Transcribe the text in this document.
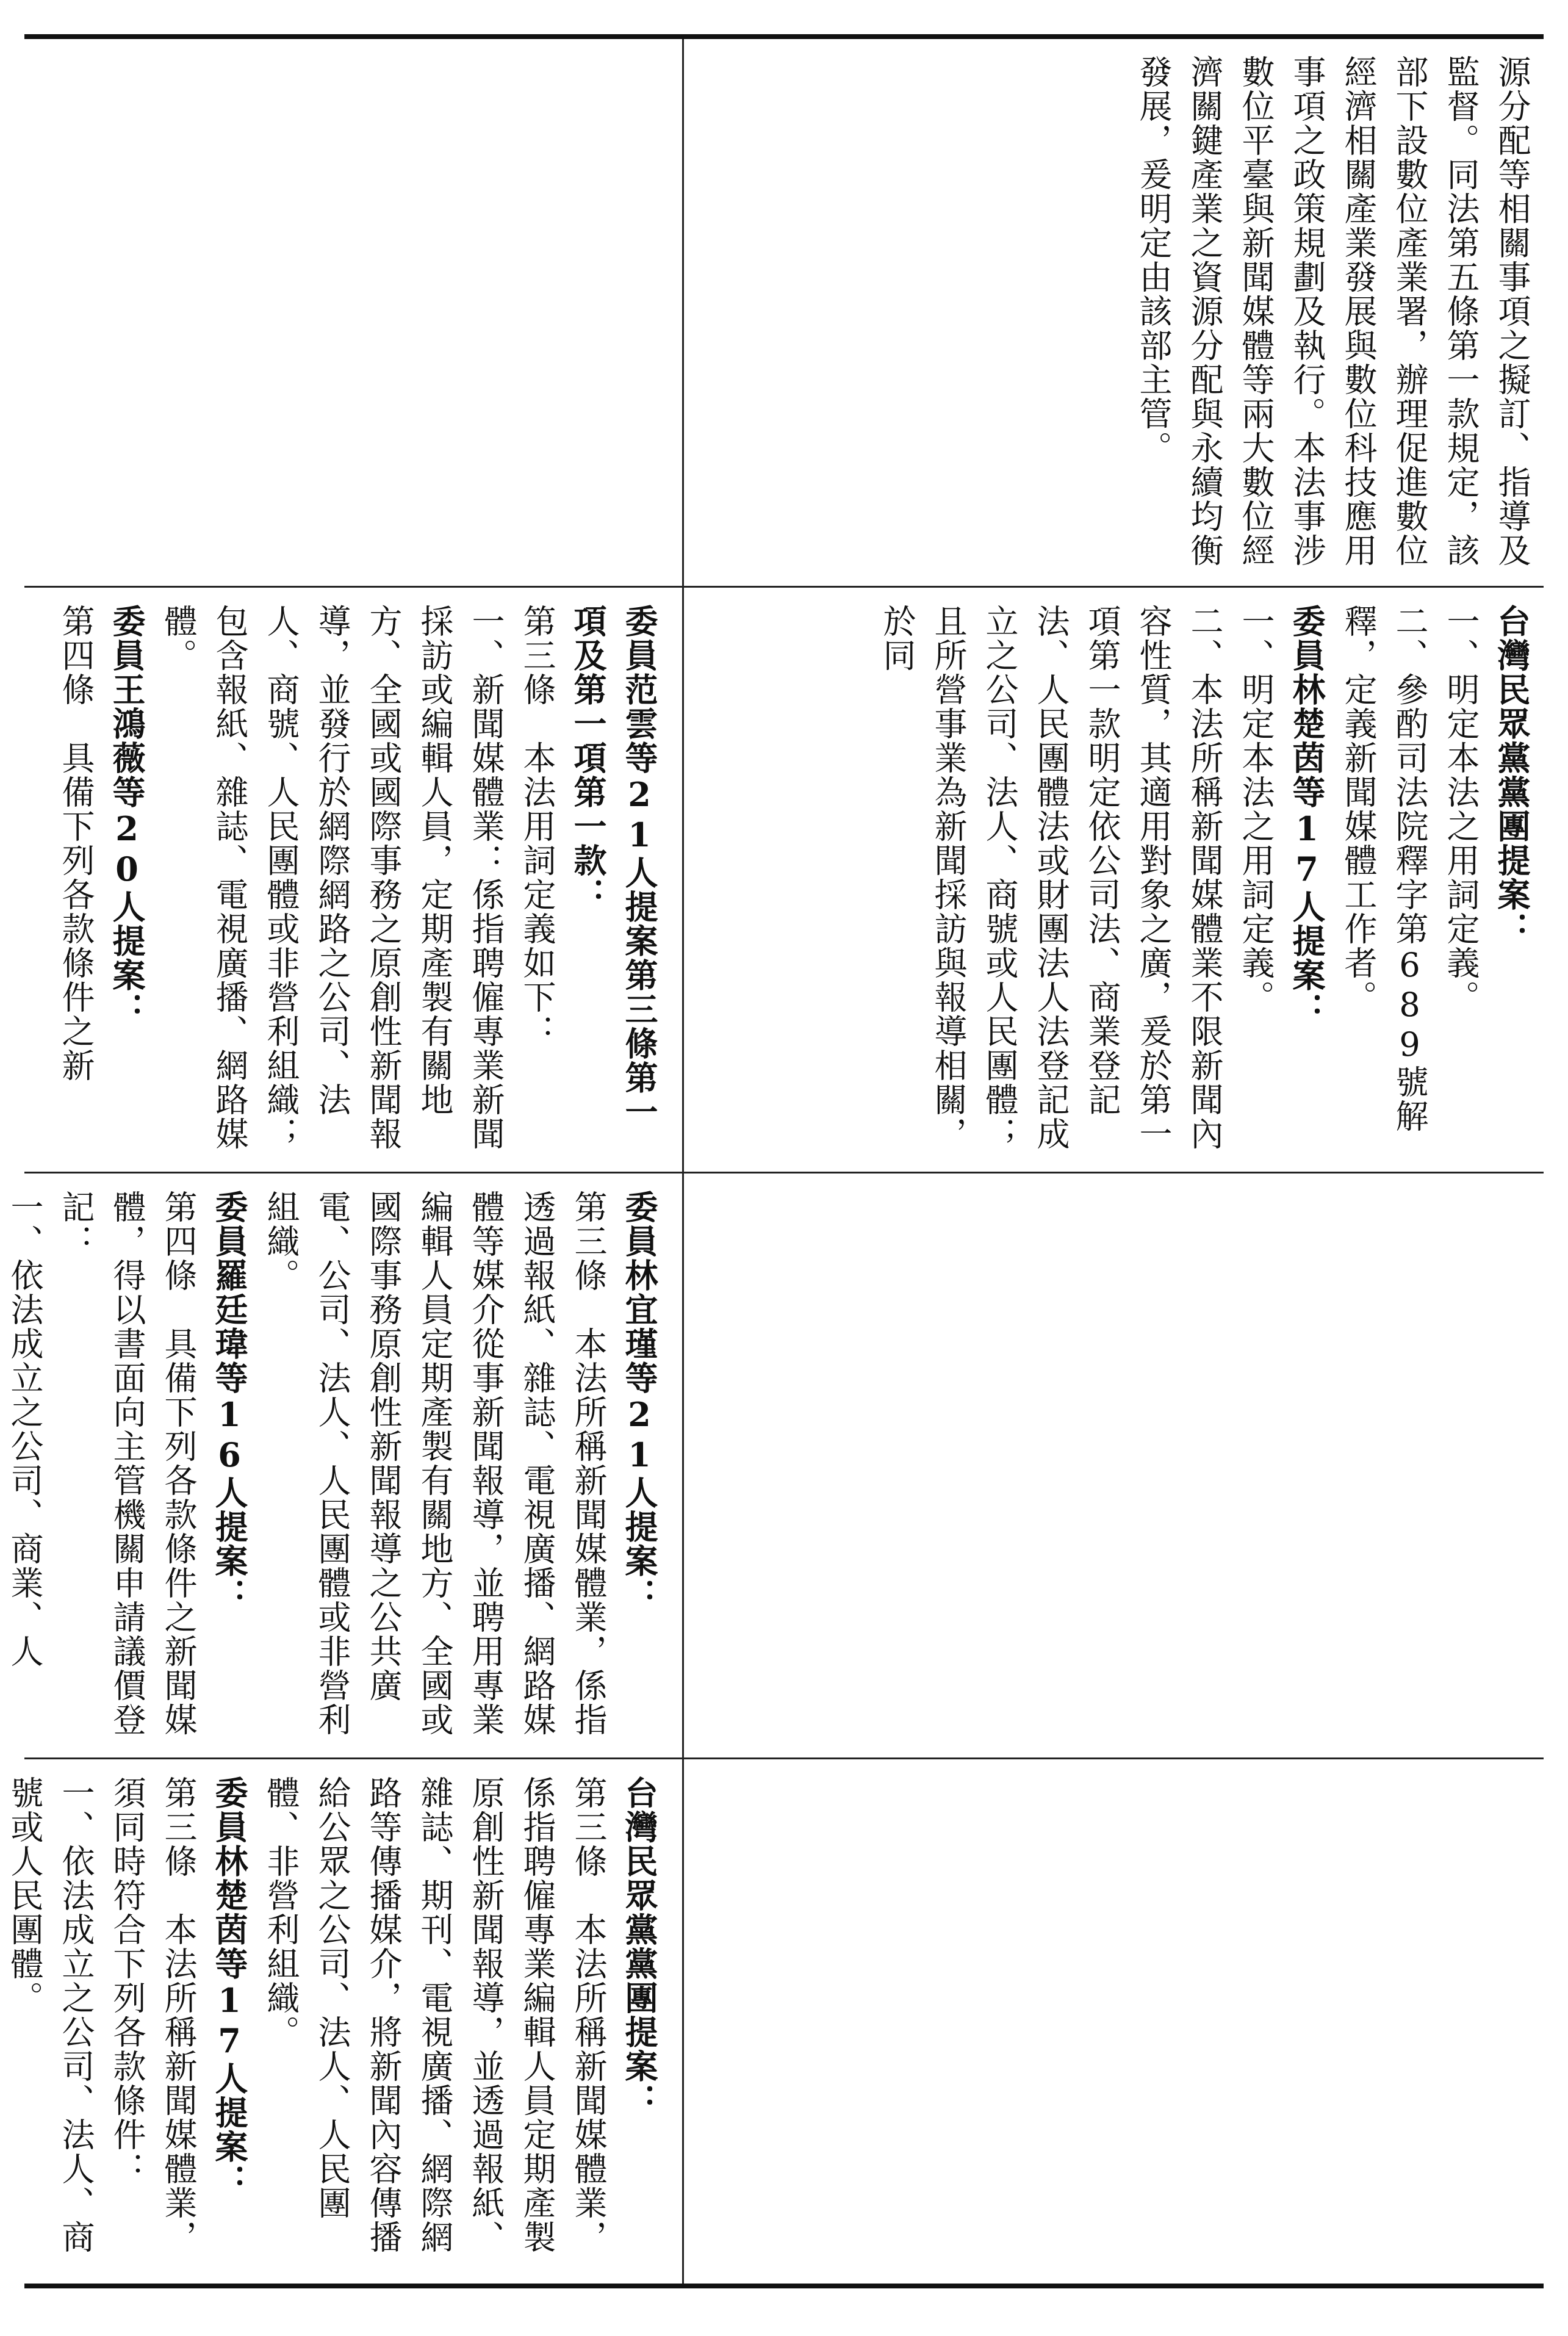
源分配等相關事項之擬訂、指導及監督。同法第五條第一款規定，該部下設數位產業署，辦理促進數位經濟相關產業發展與數位科技應用事項之政策規劃及執行。本法事涉數位平臺與新聞媒體等兩大數位經濟關鍵產業之資源分配與永續均衡發展，爰明定由該部主管。

台灣民眾黨黨團提案：

一、明定本法之用詞定義。

二、參酌司法院釋字第689號解釋，定義新聞媒體工作者。

委員林楚茵等17人提案：

一、明定本法之用詞定義。

二、本法所稱新聞媒體業不限新聞內容性質，其適用對象之廣，爰於第一項第一款明定依公司法、商業登記法、人民團體法或財團法人法登記成立之公司、法人、商號或人民團體；且所營事業為新聞採訪與報導相關，於同

委員范雲等21人提案第三條第一項及第一項第一款：

第三條　本法用詞定義如下：

一、新聞媒體業：係指聘僱專業新聞採訪或編輯人員，定期產製有關地方、全國或國際事務之原創性新聞報導，並發行於網際網路之公司、法人、商號、人民團體或非營利組織；包含報紙、雜誌、電視廣播、網路媒體。

委員王鴻薇等20人提案：

第四條　具備下列各款條件之新

委員林宜瑾等21人提案：

第三條　本法所稱新聞媒體業，係指透過報紙、雜誌、電視廣播、網路媒體等媒介從事新聞報導，並聘用專業編輯人員定期產製有關地方、全國或國際事務原創性新聞報導之公共廣電、公司、法人、人民團體或非營利組織。

委員羅廷瑋等16人提案：

第四條　具備下列各款條件之新聞媒體，得以書面向主管機關申請議價登記：

一、依法成立之公司、商業、人

台灣民眾黨黨團提案：

第三條　本法所稱新聞媒體業，係指聘僱專業編輯人員定期產製原創性新聞報導，並透過報紙、雜誌、期刊、電視廣播、網際網路等傳播媒介，將新聞內容傳播給公眾之公司、法人、人民團體、非營利組織。

委員林楚茵等17人提案：

第三條　本法所稱新聞媒體業，須同時符合下列各款條件：

一、依法成立之公司、法人、商號或人民團體。
